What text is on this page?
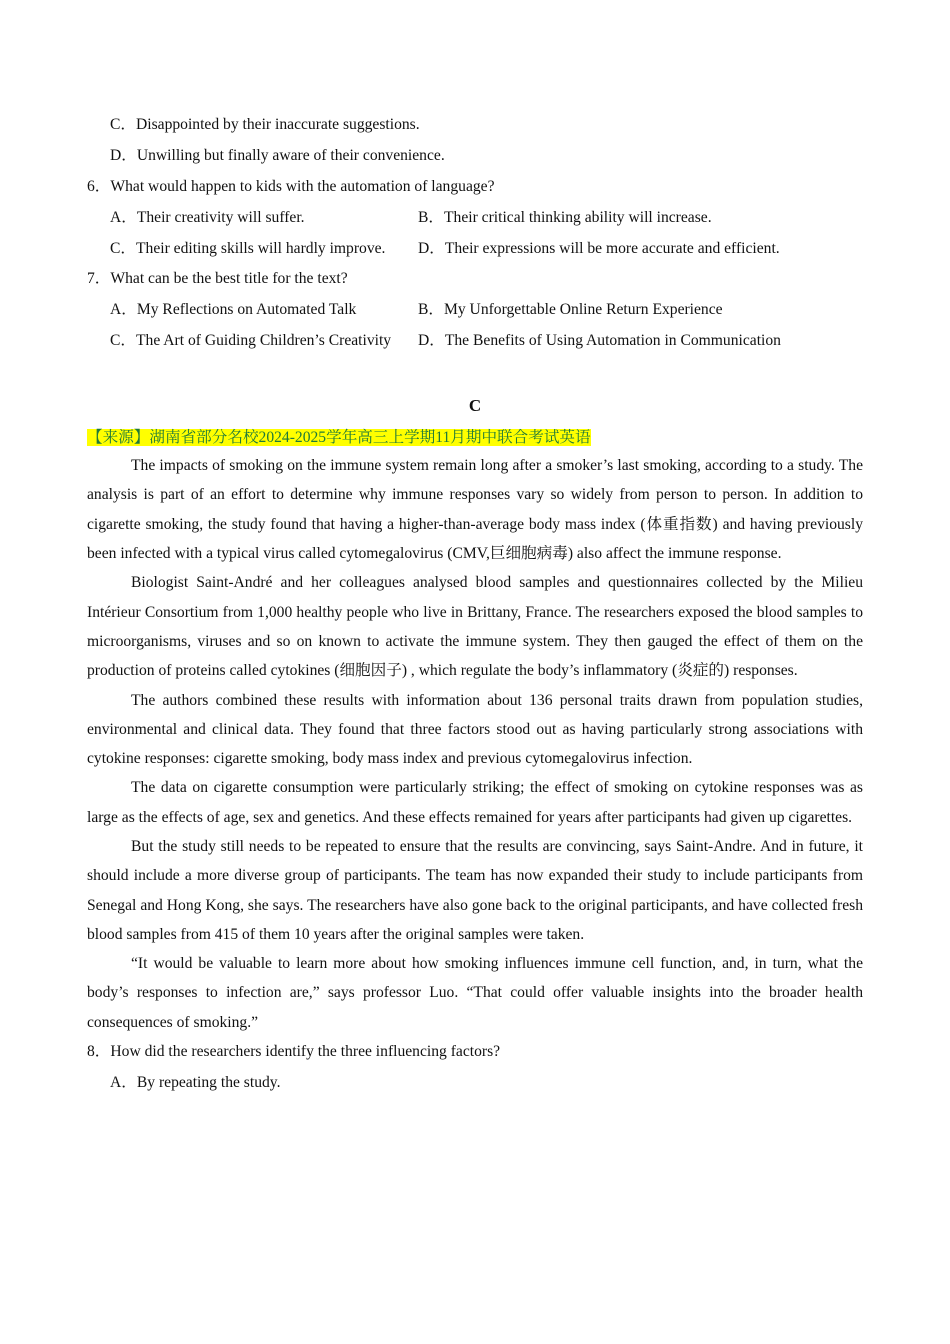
C．Disappointed by their inaccurate suggestions.
D．Unwilling but finally aware of their convenience.
6．What would happen to kids with the automation of language?
A．Their creativity will suffer.	B．Their critical thinking ability will increase.
C．Their editing skills will hardly improve.	D．Their expressions will be more accurate and efficient.
7．What can be the best title for the text?
A．My Reflections on Automated Talk	B．My Unforgettable Online Return Experience
C．The Art of Guiding Children’s Creativity	D．The Benefits of Using Automation in Communication
C
【来源】湖南省部分名校2024-2025学年高三上学期11月期中联合考试英语

The impacts of smoking on the immune system remain long after a smoker’s last smoking, according to a study. The analysis is part of an effort to determine why immune responses vary so widely from person to person. In addition to cigarette smoking, the study found that having a higher-than-average body mass index (体重指数) and having previously been infected with a typical virus called cytomegalovirus (CMV,巨细胞病毒) also affect the immune response.

Biologist Saint-André and her colleagues analysed blood samples and questionnaires collected by the Milieu Intérieur Consortium from 1,000 healthy people who live in Brittany, France. The researchers exposed the blood samples to microorganisms, viruses and so on known to activate the immune system. They then gauged the effect of them on the production of proteins called cytokines (细胞因子) , which regulate the body’s inflammatory (炎症的) responses.

The authors combined these results with information about 136 personal traits drawn from population studies, environmental and clinical data. They found that three factors stood out as having particularly strong associations with cytokine responses: cigarette smoking, body mass index and previous cytomegalovirus infection.

The data on cigarette consumption were particularly striking; the effect of smoking on cytokine responses was as large as the effects of age, sex and genetics. And these effects remained for years after participants had given up cigarettes.

But the study still needs to be repeated to ensure that the results are convincing, says Saint-Andre. And in future, it should include a more diverse group of participants. The team has now expanded their study to include participants from Senegal and Hong Kong, she says. The researchers have also gone back to the original participants, and have collected fresh blood samples from 415 of them 10 years after the original samples were taken.

“It would be valuable to learn more about how smoking influences immune cell function, and, in turn, what the body’s responses to infection are,” says professor Luo. “That could offer valuable insights into the broader health consequences of smoking.”

8．How did the researchers identify the three influencing factors?
A．By repeating the study.
